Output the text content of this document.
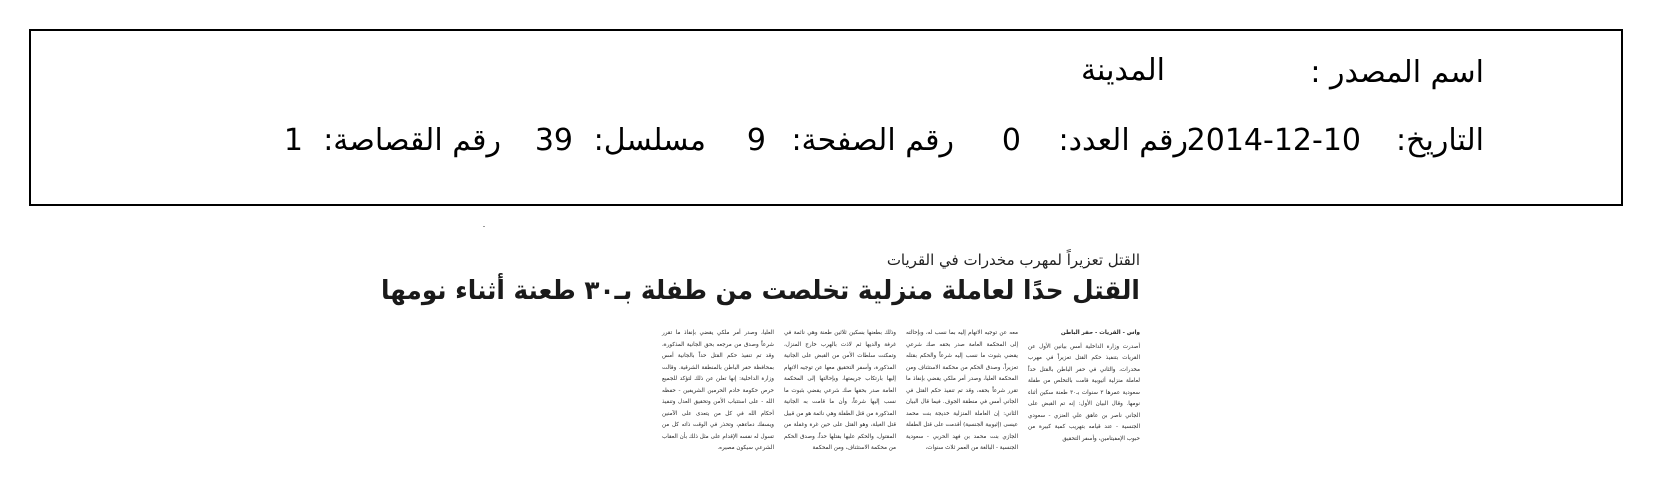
اسم المصدر :
المدينة
التاريخ:
2014-12-10
رقم العدد:
0
رقم الصفحة:
9
مسلسل:
39
رقم القصاصة:
1
القتل تعزيراً لمهرب مخدرات في القريات
القتل حدًا لعاملة منزلية تخلصت من طفلة بـ٣٠ طعنة أثناء نومها
واس - القريات - حفر الباطن
أصدرت وزارة الداخلية أمس بيانين الأول عن القريات بتنفيذ حكم القتل تعزيراً في مهرب مخدرات، والثاني في حفر الباطن بالقتل حداً لعاملة منزلية أثيوبية قامت بالتخلص من طفلة سعودية عمرها ٣ سنوات بـ٣٠ طعنة سكين أثناء نومها. وقال البيان الأول: إنه تم القبض على الجاني ناصر بن عاهق علي العنزي - سعودي الجنسية - عند قيامه بتهريب كمية كبيرة من حبوب الإمفيتامين، وأسفر التحقيق
معه عن توجيه الاتهام إليه بما نسب له، وبإحالته إلى المحكمة العامة صدر بحقه صك شرعي يقضي بثبوت ما نسب إليه شرعاً والحكم بقتله تعزيراً، وصدق الحكم من محكمة الاستئناف ومن المحكمة العليا، وصدر أمر ملكي يقضي بإنفاذ ما تقرر شرعاً بحقه، وقد تم تنفيذ حكم القتل في الجاني أمس في منطقة الجوف. فيما قال البيان الثاني: إن العاملة المنزلية خديجة بنت محمد عيسى (إثيوبية الجنسية) أقدمت على قتل الطفلة الجازي بنت محمد بن فهد الحربي - سعودية الجنسية - البالغة من العمر ثلاث سنوات،
وذلك بطعنها بسكين ثلاثين طعنة وهي نائمة في غرفة والديها ثم لاذت بالهرب خارج المنزل، وتمكنت سلطات الأمن من القبض على الجانية المذكورة، وأسفر التحقيق معها عن توجيه الاتهام إليها بارتكاب جريمتها، وبإحالتها إلى المحكمة العامة صدر بحقها صك شرعي يقضي بثبوت ما نسب إليها شرعاً، وأن ما قامت به الجانية المذكورة من قتل الطفلة وهي نائمة هو من قبيل قتل الغيلة، وهو القتل على حين غرة وغفلة من المقتول، والحكم عليها بقتلها حداً، وصدق الحكم من محكمة الاستئناف، ومن المحكمة
العليا، وصدر أمر ملكي يقضي بإنفاذ ما تقرر شرعاً وصدق من مرجعه بحق الجانية المذكورة، وقد تم تنفيذ حكم القتل حداً بالجانية أمس بمحافظة حفر الباطن بالمنطقة الشرقية. وقالت وزارة الداخلية: إنها تعلن عن ذلك لتؤكد للجميع حرص حكومة خادم الحرمين الشريفين - حفظه الله - على استتباب الأمن وتحقيق العدل وتنفيذ أحكام الله في كل من يتعدى على الآمنين ويسفك دماءهم، وتحذر في الوقت ذاته كل من تسول له نفسه الإقدام على مثل ذلك بأن العقاب الشرعي سيكون مصيره.
